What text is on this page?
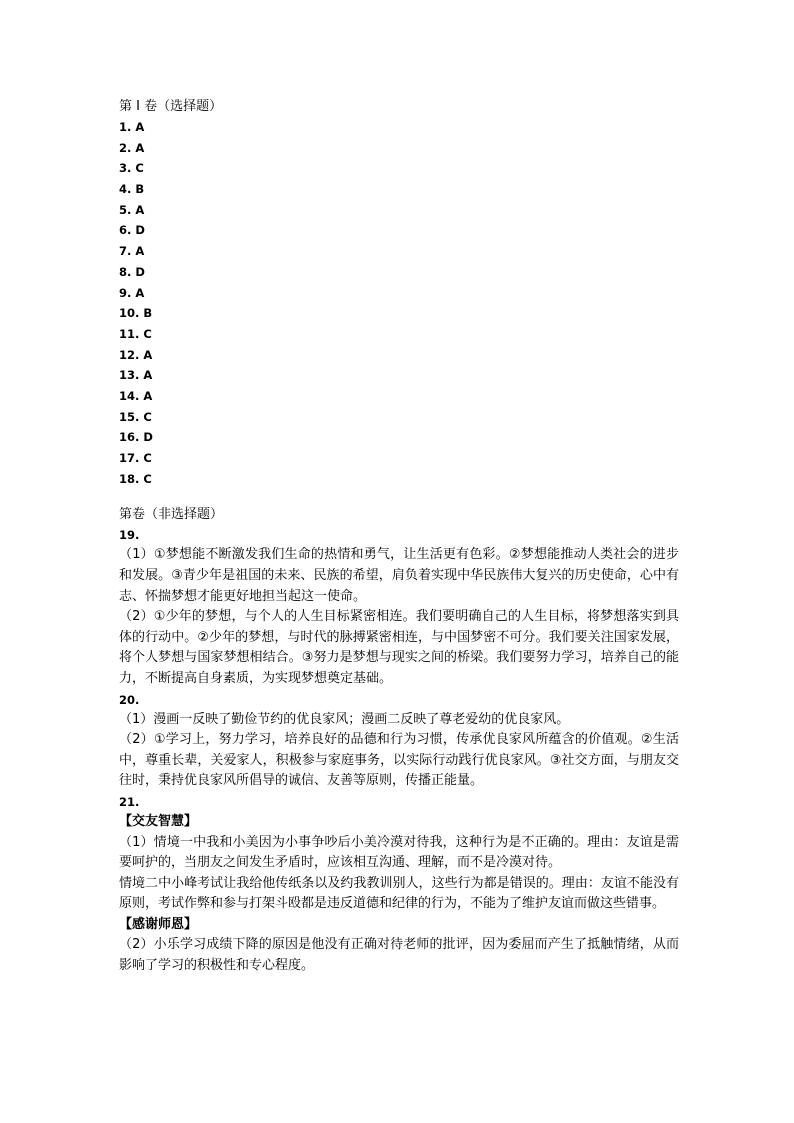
第 I 卷（选择题）
1. A
2. A
3. C
4. B
5. A
6. D
7. A
8. D
9. A
10. B
11. C
12. A
13. A
14. A
15. C
16. D
17. C
18. C
第卷（非选择题）
19.

（1）①梦想能不断激发我们生命的热情和勇气，让生活更有色彩。②梦想能推动人类社会的进步和发展。③青少年是祖国的未来、民族的希望，肩负着实现中华民族伟大复兴的历史使命，心中有志、怀揣梦想才能更好地担当起这一使命。

（2）①少年的梦想，与个人的人生目标紧密相连。我们要明确自己的人生目标，将梦想落实到具体的行动中。②少年的梦想，与时代的脉搏紧密相连，与中国梦密不可分。我们要关注国家发展，将个人梦想与国家梦想相结合。③努力是梦想与现实之间的桥梁。我们要努力学习，培养自己的能力，不断提高自身素质，为实现梦想奠定基础。

20.

（1）漫画一反映了勤俭节约的优良家风；漫画二反映了尊老爱幼的优良家风。

（2）①学习上，努力学习，培养良好的品德和行为习惯，传承优良家风所蕴含的价值观。②生活中，尊重长辈，关爱家人，积极参与家庭事务，以实际行动践行优良家风。③社交方面，与朋友交往时，秉持优良家风所倡导的诚信、友善等原则，传播正能量。

21.

【交友智慧】

（1）情境一中我和小美因为小事争吵后小美冷漠对待我，这种行为是不正确的。理由：友谊是需要呵护的，当朋友之间发生矛盾时，应该相互沟通、理解，而不是冷漠对待。

情境二中小峰考试让我给他传纸条以及约我教训别人，这些行为都是错误的。理由：友谊不能没有原则，考试作弊和参与打架斗殴都是违反道德和纪律的行为，不能为了维护友谊而做这些错事。

【感谢师恩】

（2）小乐学习成绩下降的原因是他没有正确对待老师的批评，因为委屈而产生了抵触情绪，从而影响了学习的积极性和专心程度。
